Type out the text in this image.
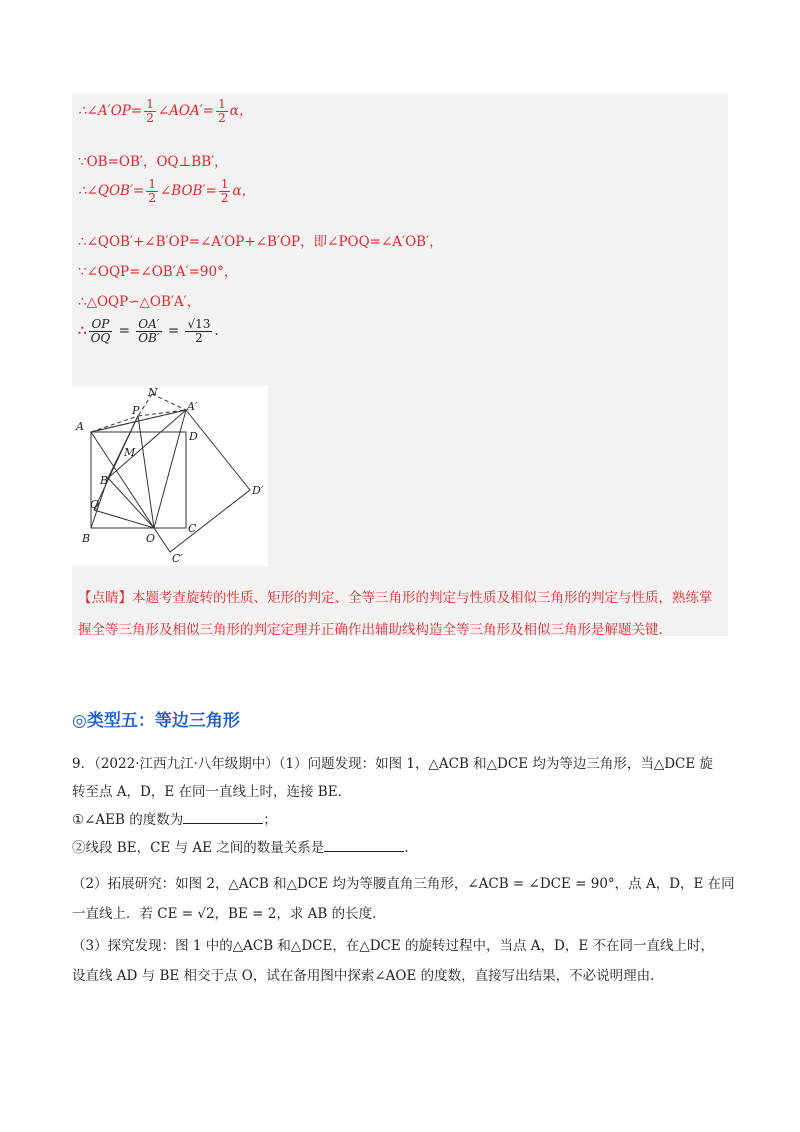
∴∠A′OP= $\frac{1}{2}$ ∠AOA′= $\frac{1}{2}$ α，
∵OB=OB′，OQ⊥BB′，
∴∠QOB′= $\frac{1}{2}$ ∠BOB′= $\frac{1}{2}$ α，
∴∠QOB′+∠B′OP=∠A′OP+∠B′OP，即∠POQ=∠A′OB′，
∵∠OQP=∠OB′A′=90°，
∴△OQP∽△OB′A′，
∴ $\frac{OP}{OQ} = \frac{OA'}{OB'} = \frac{√13}{2}$ .
N
P	A′
A
D
M
B′
D′
Q
B	O
C
C′
【点睛】本题考查旋转的性质、矩形的判定、全等三角形的判定与性质及相似三角形的判定与性质，熟练掌握全等三角形及相似三角形的判定定理并正确作出辅助线构造全等三角形及相似三角形是解题关键.
◎类型五：等边三角形
9．（2022·江西九江·八年级期中）（1）问题发现：如图 1，△ACB 和△DCE 均为等边三角形，当△DCE 旋
转至点 A，D，E 在同一直线上时，连接 BE．
①∠AEB 的度数为	；
②线段 BE，CE 与 AE 之间的数量关系是	.
（2）拓展研究：如图 2，△ACB 和△DCE 均为等腰直角三角形，∠ACB = ∠DCE = 90°，点 A，D，E 在同
一直线上．若 CE = √2，BE = 2，求 AB 的长度.
（3）探究发现：图 1 中的△ACB 和△DCE，在△DCE 的旋转过程中，当点 A，D，E 不在同一直线上时，
设直线 AD 与 BE 相交于点 O，试在备用图中探索∠AOE 的度数，直接写出结果，不必说明理由.
